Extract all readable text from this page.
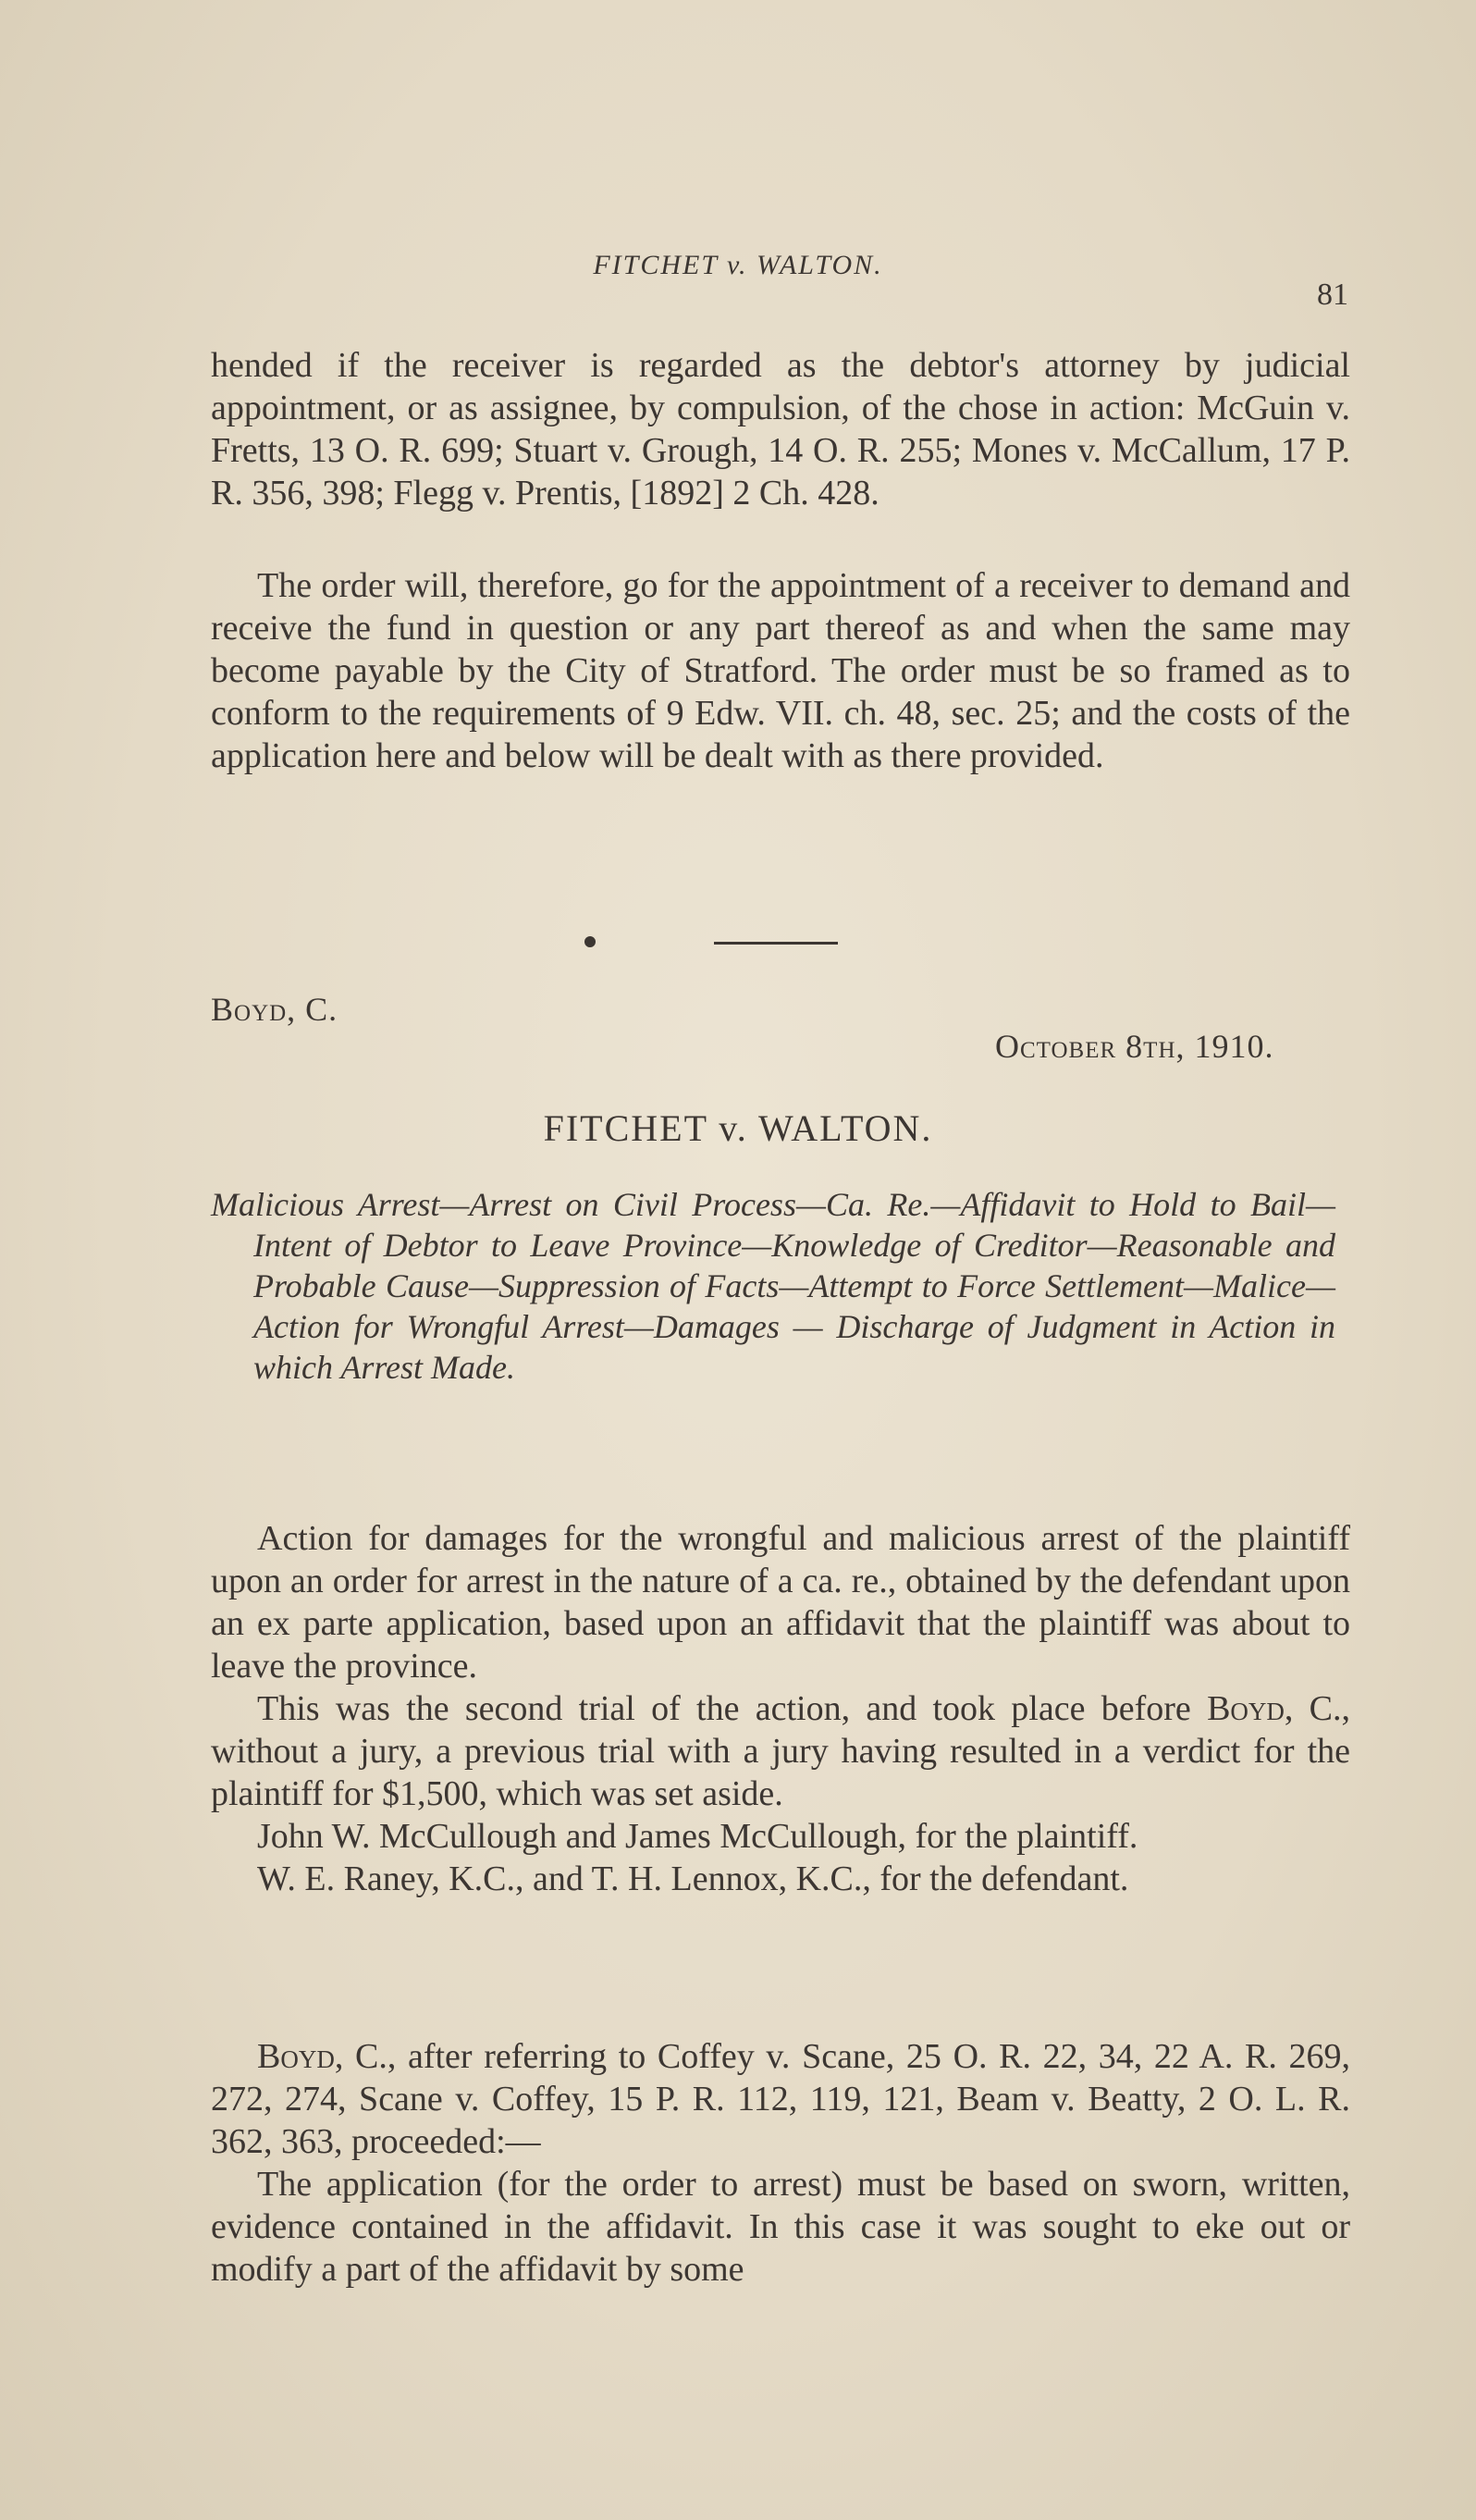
FITCHET v. WALTON.
81

hended if the receiver is regarded as the debtor's attorney by judicial appointment, or as assignee, by compulsion, of the chose in action: McGuin v. Fretts, 13 O. R. 699; Stuart v. Grough, 14 O. R. 255; Mones v. McCallum, 17 P. R. 356, 398; Flegg v. Prentis, [1892] 2 Ch. 428.

The order will, therefore, go for the appointment of a receiver to demand and receive the fund in question or any part thereof as and when the same may become payable by the City of Stratford. The order must be so framed as to conform to the requirements of 9 Edw. VII. ch. 48, sec. 25; and the costs of the application here and below will be dealt with as there provided.

Boyd, C.
October 8th, 1910.
FITCHET v. WALTON.
Malicious Arrest—Arrest on Civil Process—Ca. Re.—Affidavit to Hold to Bail—Intent of Debtor to Leave Province—Knowledge of Creditor—Reasonable and Probable Cause—Suppression of Facts—Attempt to Force Settlement—Malice—Action for Wrongful Arrest—Damages — Discharge of Judgment in Action in which Arrest Made.

Action for damages for the wrongful and malicious arrest of the plaintiff upon an order for arrest in the nature of a ca. re., obtained by the defendant upon an ex parte application, based upon an affidavit that the plaintiff was about to leave the province.

This was the second trial of the action, and took place before Boyd, C., without a jury, a previous trial with a jury having resulted in a verdict for the plaintiff for $1,500, which was set aside.

John W. McCullough and James McCullough, for the plaintiff.

W. E. Raney, K.C., and T. H. Lennox, K.C., for the defendant.

Boyd, C., after referring to Coffey v. Scane, 25 O. R. 22, 34, 22 A. R. 269, 272, 274, Scane v. Coffey, 15 P. R. 112, 119, 121, Beam v. Beatty, 2 O. L. R. 362, 363, proceeded:—

The application (for the order to arrest) must be based on sworn, written, evidence contained in the affidavit. In this case it was sought to eke out or modify a part of the affidavit by some
